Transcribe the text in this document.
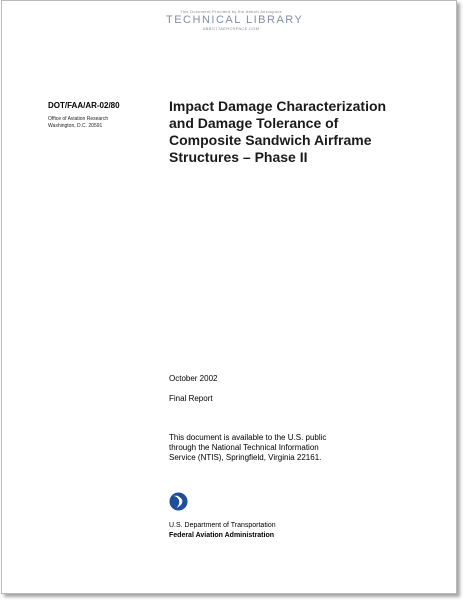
This Document Provided by the Abbott Aerospace
TECHNICAL LIBRARY
ABBOTTAEROSPACE.COM
DOT/FAA/AR-02/80
Office of Aviation Research
Washington, D.C. 20591
Impact Damage Characterization
and Damage Tolerance of
Composite Sandwich Airframe
Structures – Phase II
October 2002
Final Report
This document is available to the U.S. public
through the National Technical Information
Service (NTIS), Springfield, Virginia 22161.
U.S. Department of Transportation
Federal Aviation Administration
